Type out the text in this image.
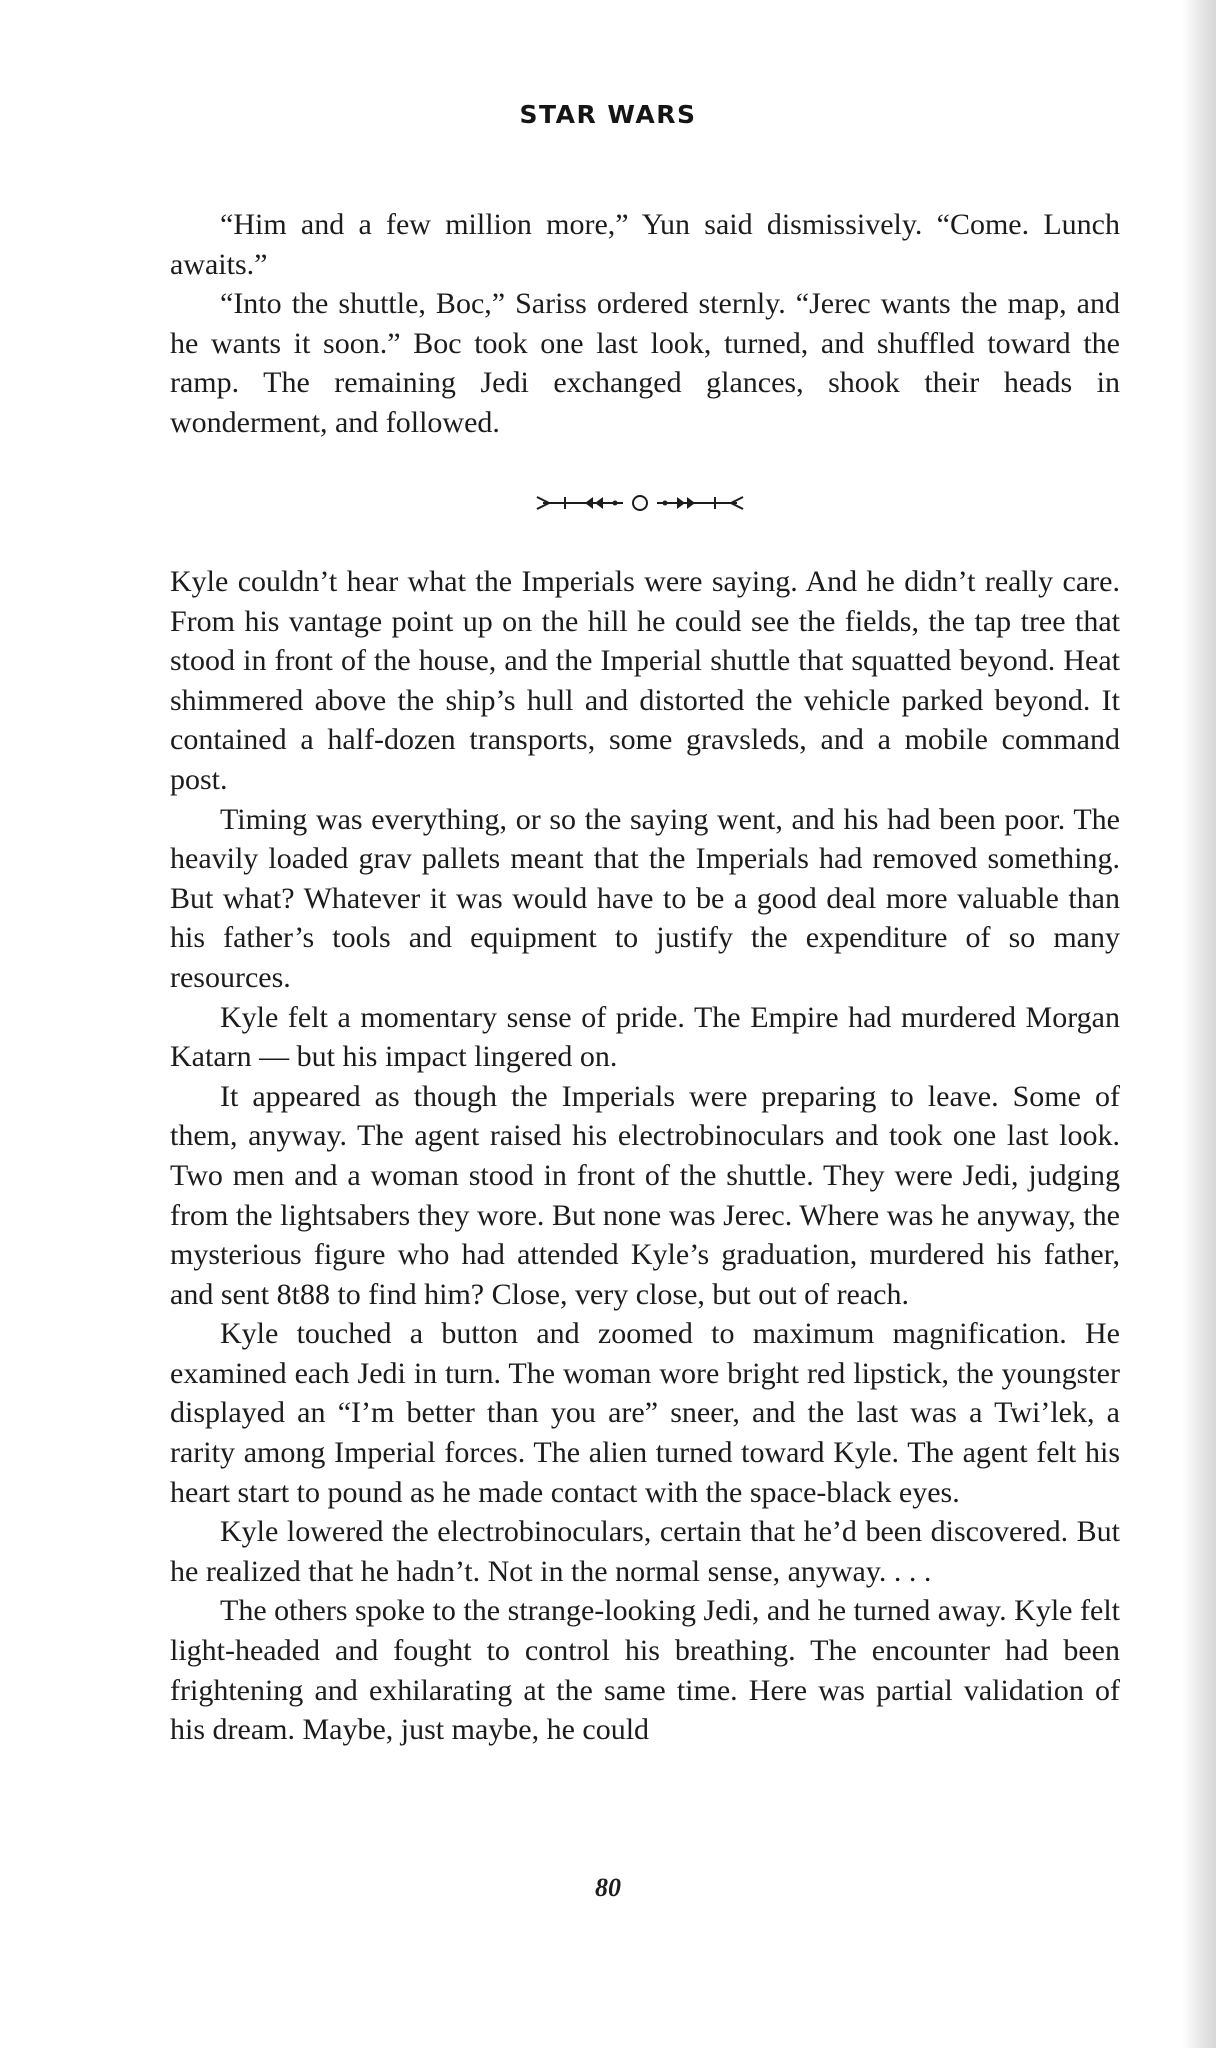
STAR WARS

“Him and a few million more,” Yun said dismissively. “Come. Lunch awaits.”

“Into the shuttle, Boc,” Sariss ordered sternly. “Jerec wants the map, and he wants it soon.” Boc took one last look, turned, and shuffled toward the ramp. The remaining Jedi exchanged glances, shook their heads in wonderment, and followed.

Kyle couldn’t hear what the Imperials were saying. And he didn’t really care. From his vantage point up on the hill he could see the fields, the tap tree that stood in front of the house, and the Imperial shuttle that squatted beyond. Heat shimmered above the ship’s hull and distorted the vehicle parked beyond. It contained a half-dozen transports, some gravsleds, and a mobile command post.

Timing was everything, or so the saying went, and his had been poor. The heavily loaded grav pallets meant that the Imperials had removed something. But what? Whatever it was would have to be a good deal more valuable than his father’s tools and equipment to justify the expenditure of so many resources.

Kyle felt a momentary sense of pride. The Empire had murdered Morgan Katarn — but his impact lingered on.

It appeared as though the Imperials were preparing to leave. Some of them, anyway. The agent raised his electrobinoculars and took one last look. Two men and a woman stood in front of the shuttle. They were Jedi, judging from the lightsabers they wore. But none was Jerec. Where was he anyway, the mysterious figure who had attended Kyle’s graduation, murdered his father, and sent 8t88 to find him? Close, very close, but out of reach.

Kyle touched a button and zoomed to maximum magnification. He examined each Jedi in turn. The woman wore bright red lipstick, the youngster displayed an “I’m better than you are” sneer, and the last was a Twi’lek, a rarity among Imperial forces. The alien turned toward Kyle. The agent felt his heart start to pound as he made contact with the space-black eyes.

Kyle lowered the electrobinoculars, certain that he’d been discovered. But he realized that he hadn’t. Not in the normal sense, anyway. . . .

The others spoke to the strange-looking Jedi, and he turned away. Kyle felt light-headed and fought to control his breathing. The encounter had been frightening and exhilarating at the same time. Here was partial validation of his dream. Maybe, just maybe, he could

80
